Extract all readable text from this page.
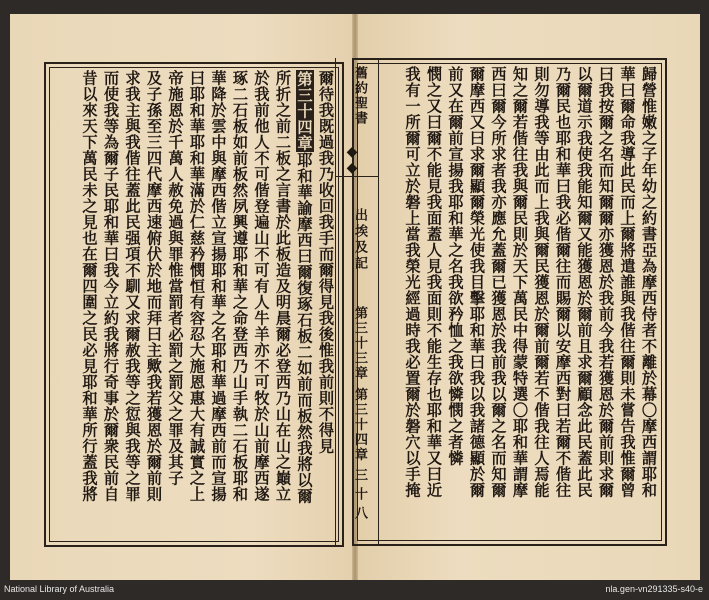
歸營惟嫩之子年幼之約書亞為摩西侍者不離於幕〇摩西謂耶和
華曰爾命我導此民而上爾將遣誰與我偕往爾則未嘗告我惟爾曾
曰我按爾之名而知爾爾亦獲恩於我前今我若獲恩於爾前則求爾
以爾道示我使我能知爾又能獲恩於爾前且求爾顧念此民蓋此民
乃爾民也耶和華曰我必偕爾往而賜爾以安摩西對曰若爾不偕往
則勿導我等由此而上我與爾民獲恩於爾前爾若不偕我往人焉能
知之爾若偕往我與爾民則於天下萬民中得蒙特選〇耶和華謂摩
西曰爾今所求者我亦應允蓋爾已獲恩於我前我以爾之名而知爾
爾摩西又曰求爾顯爾榮光使我目擊耶和華曰我以我諸德顯於爾
前又在爾前宣揚我耶和華之名我欲矜恤之我欲憐憫之者憐
憫之又曰爾不能見我面蓋人見我面則不能生存也耶和華又曰近
我有一所爾可立於磐上當我榮光經過時我必置爾於磐穴以手掩
爾待我既過我乃收回我手而爾得見我後惟我前則不得見
第三十四章耶和華諭摩西曰爾復琢石板二如前而板然我將以爾
所折之前二板之言書於此板造及明晨爾必登西乃山在山之巔立
於我前他人不可偕登遍山不可有人牛羊亦不可牧於山前摩西遂
琢二石板如前板然夙興遵耶和華之命登西乃山手執二石板耶和
華降於雲中與摩西偕立宣揚耶和華之名耶和華過摩西前而宣揚
曰耶和華耶和華滿於仁慈矜憫恒有容忍大施恩惠大有誠實之上
帝施恩於千萬人赦免過與罪惟當罰者必罰之罰父之罪及其子
及子孫至三四代摩西速俯伏於地而拜曰主歟我若獲恩於爾前則
求我主與我偕往蓋此民强項不馴又求爾赦我等之愆與我等之罪
而使我等為爾子民耶和華曰我今立約我將行奇事於爾衆民前自
昔以來天下萬民未之見也在爾四圍之民必見耶和華所行蓋我將	舊約聖書
◆◆
出埃及記
第三十三章 第三十四章
三十八
National Library of Australia	nla.gen-vn291335-s40-e
